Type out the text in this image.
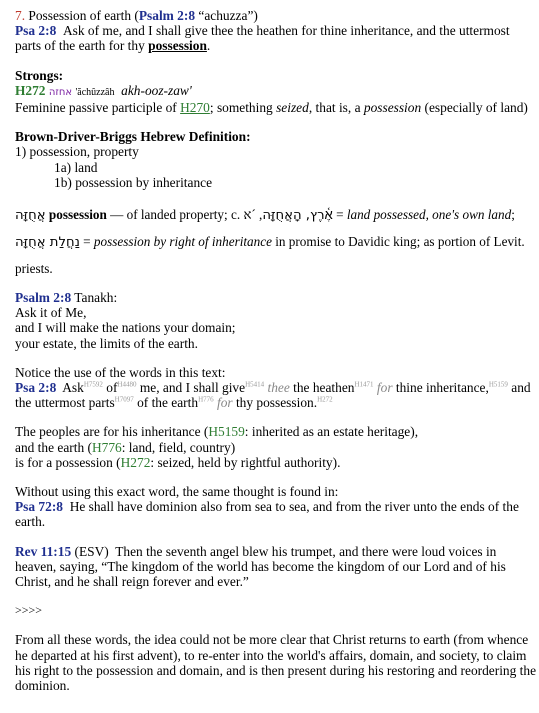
7. Possession of earth (Psalm 2:8 “achuzza”)
Psa 2:8 Ask of me, and I shall give thee the heathen for thine inheritance, and the uttermost parts of the earth for thy possession.

Strongs:
H272 אחזה 'ăchûzzâh akh-ooz-zaw'
Feminine passive participle of H270; something seized, that is, a possession (especially of land)

Brown-Driver-Briggs Hebrew Definition:
1) possession, property
1a) land
1b) possession by inheritance

אֲחֻזָּה possession — of landed property; c. אֶ֫רֶץ, הָאֲחֻזָּה, ´א = land possessed, one's own land; נַחֲלַת אֲחֻזָּה = possession by right of inheritance in promise to Davidic king; as portion of Levit. priests.

Psalm 2:8 Tanakh:
Ask it of Me,
and I will make the nations your domain;
your estate, the limits of the earth.

Notice the use of the words in this text:
Psa 2:8 Ask$^{H7592}$ $of^{H4480}$ me, and I shall give$^{H5414}$ thee the heathen$^{H1471}$ for thine inheritance,$^{H5159}$ and the uttermost parts$^{H7097}$ of the earth$^{H776}$ for thy possession.$^{H272}$

The peoples are for his inheritance (H5159: inherited as an estate heritage),
and the earth (H776: land, field, country)
is for a possession (H272: seized, held by rightful authority).

Without using this exact word, the same thought is found in:
Psa 72:8 He shall have dominion also from sea to sea, and from the river unto the ends of the earth.

Rev 11:15 (ESV) Then the seventh angel blew his trumpet, and there were loud voices in heaven, saying, “The kingdom of the world has become the kingdom of our Lord and of his Christ, and he shall reign forever and ever.”

>>>>

From all these words, the idea could not be more clear that Christ returns to earth (from whence he departed at his first advent), to re-enter into the world's affairs, domain, and society, to claim his right to the possession and domain, and is then present during his restoring and reordering the dominion.
